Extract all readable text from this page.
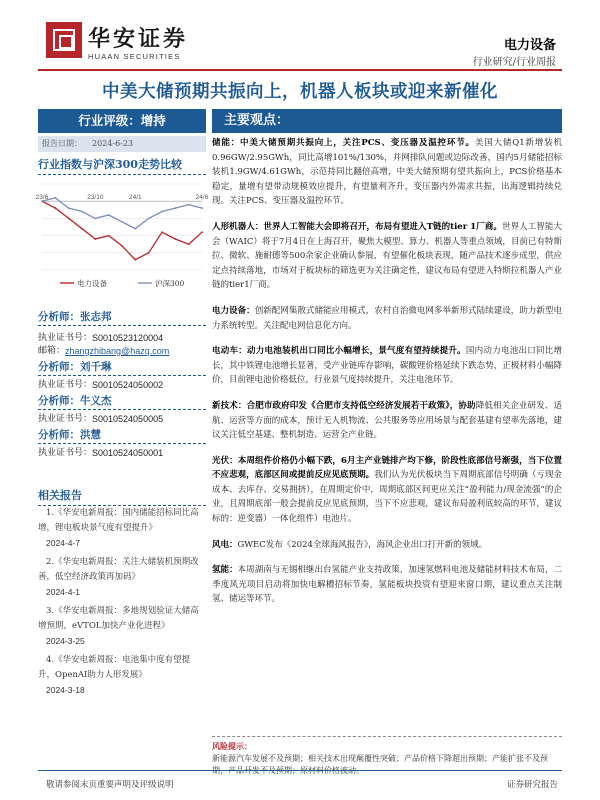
华安证券
HUAAN SECURITIES
电力设备
行业研究/行业周报
中美大储预期共振向上，机器人板块或迎来新催化
行业评级：增持
报告日期： 2024-6-23
主要观点：
行业指数与沪深300走势比较
23/6	23/10	24/1	24/6
电力设备	沪深300
分析师：张志邦
执业证书号： S0010523120004
邮箱： zhangzhibang@hazq.com
分析师：刘千琳
执业证书号： S0010524050002
分析师：牛义杰
执业证书号： S0010524050005
分析师：洪慧
执业证书号： S0010524050001
相关报告
1.《华安电新周报：国内储能招标同比高增，锂电板块景气度有望提升》
2024-4-7
2.《华安电新周报：关注大储装机预期改善，低空经济政策再加码》
2024-4-1
3.《华安电新周报：多地规划验证大储高增预期，eVTOL加快产业化进程》
2024-3-25
4.《华安电新周报：电池集中度有望提升，OpenAI助力人形发展》
2024-3-18

储能：中美大储预期共振向上，关注PCS、变压器及温控环节。美国大储Q1新增装机0.96GW/2.95GWh，同比高增101%/130%，并网排队问题或边际改善，国内5月储能招标装机1.9GW/4.61GWh，示范持同比翻倍高增，中美大储预期有望共振向上，PCS价格基本稳定，量增有望带动规模效应提升，有望量利齐升，变压器内外需求共振，出海逻辑持续兑现。关注PCS、变压器及温控环节。

人形机器人：世界人工智能大会即将召开，布局有望进入T链的tier 1厂商。世界人工智能大会（WAIC）将于7月4日在上海召开，聚焦大模型、算力、机器人等重点领域，目前已有特斯拉、微软、施耐德等500余家企业确认参展，有望催化板块表现，随产品技术逐步成型，供应定点持续落地，市场对于板块标的筛选更为关注确定性，建议布局有望进入特斯拉机器人产业链的tier1厂商。

电力设备：创新配网集散式储能应用模式，农村自治微电网多举新形式陆续建设，助力新型电力系统转型。关注配电网信息化方向。

电动车：动力电池装机出口同比小幅增长，景气度有望持续提升。国内动力电池出口同比增长，其中铁锂电池增长显著，受产业链库存影响，碳酸锂价格延续下跌态势，正极材料小幅降价，目前锂电池价格低位，行业景气度持续提升，关注电池环节。

新技术：合肥市政府印发《合肥市支持低空经济发展若干政策》，协助降低相关企业研发、适航、运营等方面的成本，预计无人机物流、公共服务等应用场景与配套基建有望率先落地，建议关注低空基建、整机制造、运营全产业链。

光伏：本周组件价格仍小幅下跌，6月主产业链排产均下修，阶段性底部信号渐强，当下位置不应悲观，底部区间或提前反应见底预期。我们认为光伏板块当下周期底部信号明确（亏现金成本、去库存、交易拥挤），在周期定价中，周期底部区间更应关注“盈利能力/现金流强”的企业，且周期底部一般会提前反应见底预期，当下不应悲观，建议布局盈利底较高的环节，建议标的：逆变器）一体化组件）电池片。

风电：GWEC发布《2024全球海风报告》，海风企业出口打开新的领域。

氢能：本周湖南与无锡相继出台氢能产业支持政策，加速氢燃料电池及储能材料技术布局，二季度风光项目启动将加快电解槽招标节奏，氢能板块投资有望迎来窗口期，建议重点关注制氢、储运等环节。

风险提示：
新能源汽车发展不及预期；相关技术出现颠覆性突破；产品价格下降超出预期；产能扩张不及预期，产品开发不及预期；原材料价格波动。
敬请参阅末页重要声明及评级说明	证券研究报告
